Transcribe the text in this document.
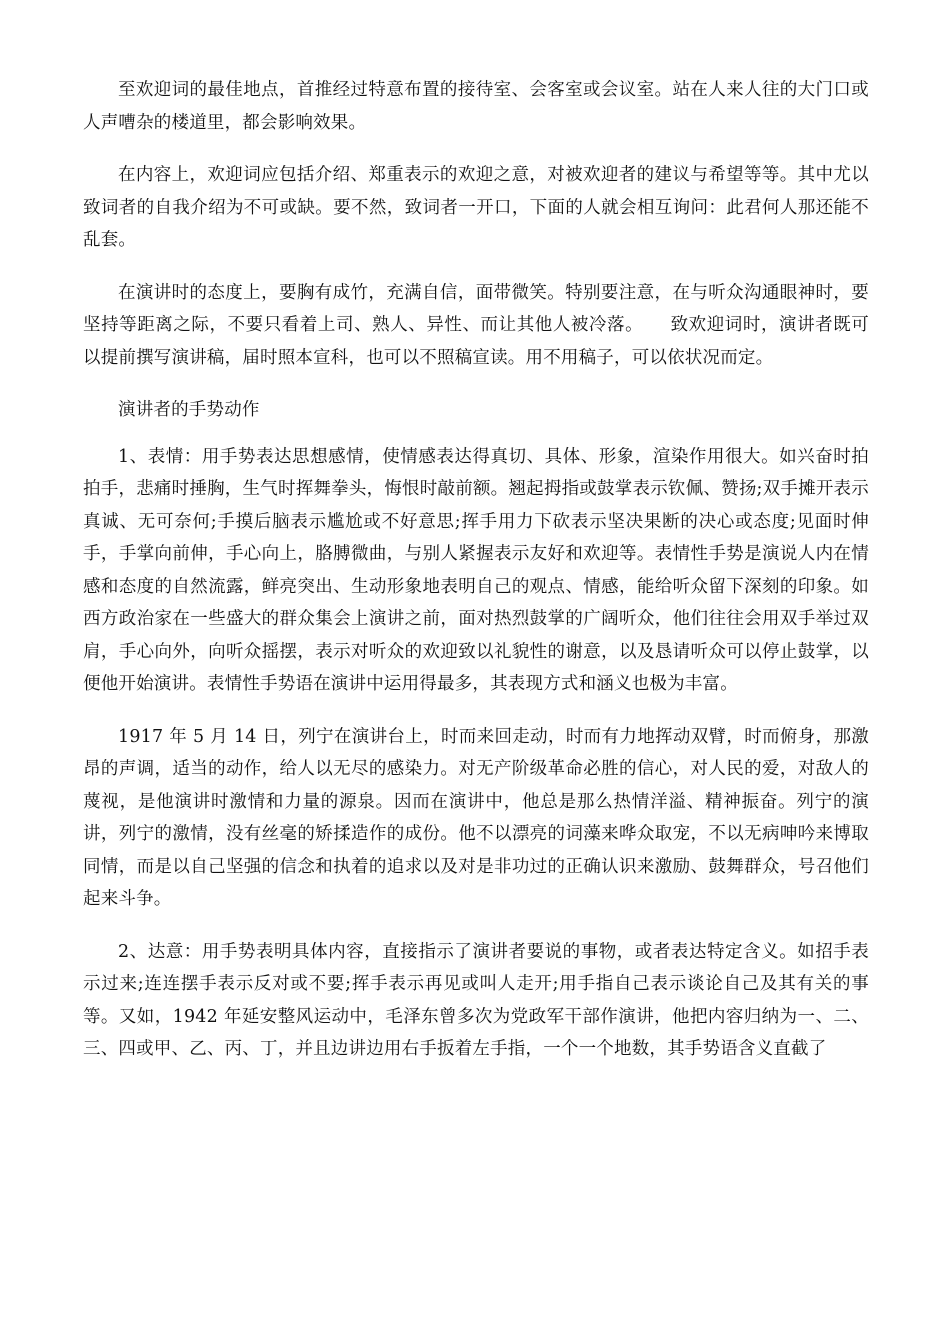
至欢迎词的最佳地点，首推经过特意布置的接待室、会客室或会议室。站在人来人往的大门口或人声嘈杂的楼道里，都会影响效果。

在内容上，欢迎词应包括介绍、郑重表示的欢迎之意，对被欢迎者的建议与希望等等。其中尤以致词者的自我介绍为不可或缺。要不然，致词者一开口，下面的人就会相互询问：此君何人那还能不乱套。

在演讲时的态度上，要胸有成竹，充满自信，面带微笑。特别要注意，在与听众沟通眼神时，要坚持等距离之际，不要只看着上司、熟人、异性、而让其他人被冷落。　　致欢迎词时，演讲者既可以提前撰写演讲稿，届时照本宣科，也可以不照稿宣读。用不用稿子，可以依状况而定。

演讲者的手势动作

1、表情：用手势表达思想感情，使情感表达得真切、具体、形象，渲染作用很大。如兴奋时拍拍手，悲痛时捶胸，生气时挥舞拳头，悔恨时敲前额。翘起拇指或鼓掌表示钦佩、赞扬;双手摊开表示真诚、无可奈何;手摸后脑表示尴尬或不好意思;挥手用力下砍表示坚决果断的决心或态度;见面时伸手，手掌向前伸，手心向上，胳膊微曲，与别人紧握表示友好和欢迎等。表情性手势是演说人内在情感和态度的自然流露，鲜亮突出、生动形象地表明自己的观点、情感，能给听众留下深刻的印象。如西方政治家在一些盛大的群众集会上演讲之前，面对热烈鼓掌的广阔听众，他们往往会用双手举过双肩，手心向外，向听众摇摆，表示对听众的欢迎致以礼貌性的谢意，以及恳请听众可以停止鼓掌，以便他开始演讲。表情性手势语在演讲中运用得最多，其表现方式和涵义也极为丰富。

1917 年 5 月 14 日，列宁在演讲台上，时而来回走动，时而有力地挥动双臂，时而俯身，那激昂的声调，适当的动作，给人以无尽的感染力。对无产阶级革命必胜的信心，对人民的爱，对敌人的蔑视，是他演讲时激情和力量的源泉。因而在演讲中，他总是那么热情洋溢、精神振奋。列宁的演讲，列宁的激情，没有丝毫的矫揉造作的成份。他不以漂亮的词藻来哗众取宠，不以无病呻吟来博取同情，而是以自己坚强的信念和执着的追求以及对是非功过的正确认识来激励、鼓舞群众，号召他们起来斗争。

2、达意：用手势表明具体内容，直接指示了演讲者要说的事物，或者表达特定含义。如招手表示过来;连连摆手表示反对或不要;挥手表示再见或叫人走开;用手指自己表示谈论自己及其有关的事等。又如，1942 年延安整风运动中，毛泽东曾多次为党政军干部作演讲，他把内容归纳为一、二、三、四或甲、乙、丙、丁，并且边讲边用右手扳着左手指，一个一个地数，其手势语含义直截了
